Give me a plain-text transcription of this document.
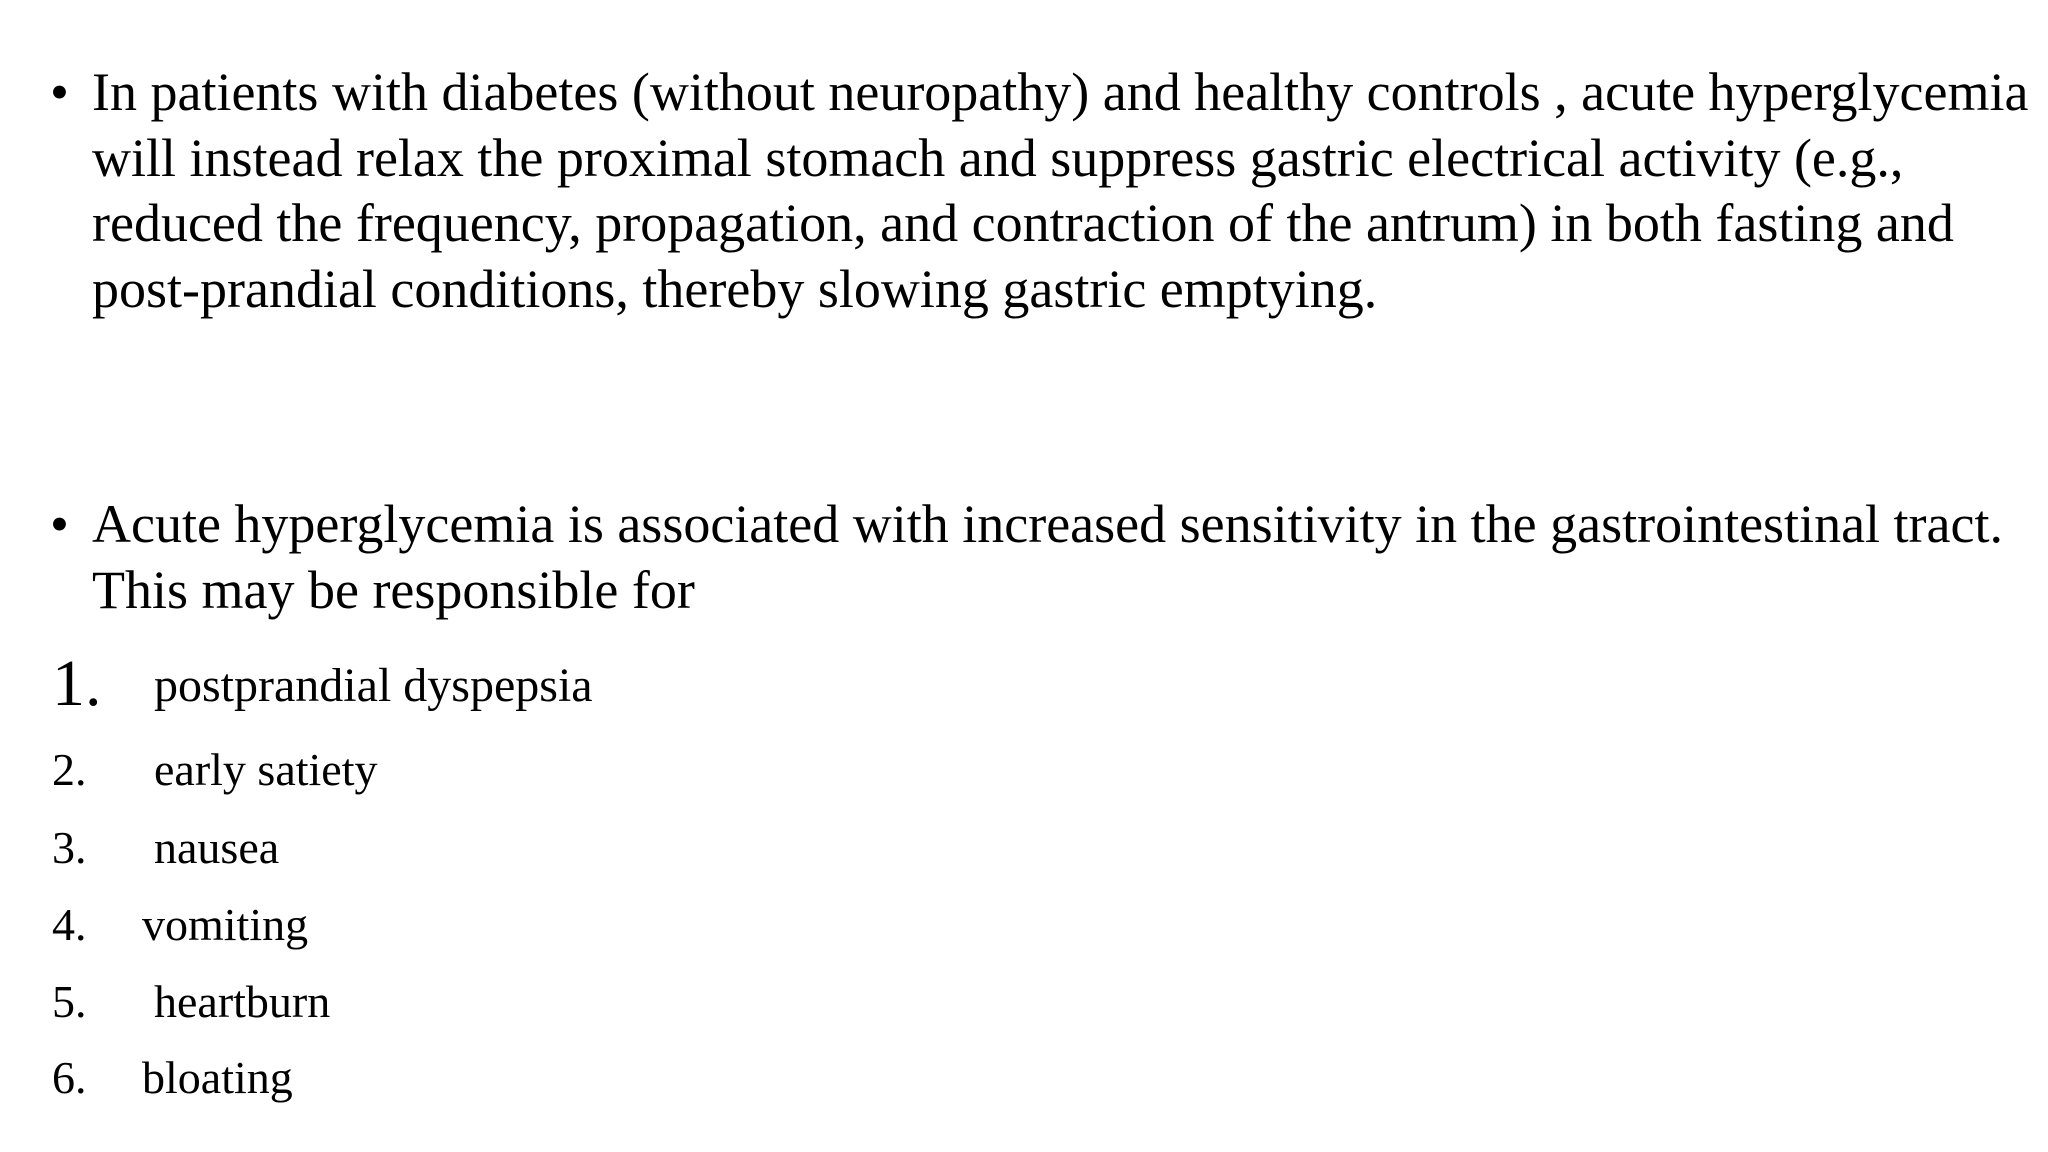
• In patients with diabetes (without neuropathy) and healthy controls , acute hyperglycemia will instead relax the proximal stomach and suppress gastric electrical activity (e.g., reduced the frequency, propagation, and contraction of the antrum) in both fasting and post-prandial conditions, thereby slowing gastric emptying.
• Acute hyperglycemia is associated with increased sensitivity in the gastrointestinal tract. This may be responsible for
1. postprandial dyspepsia
2. early satiety
3. nausea
4. vomiting
5. heartburn
6. bloating
